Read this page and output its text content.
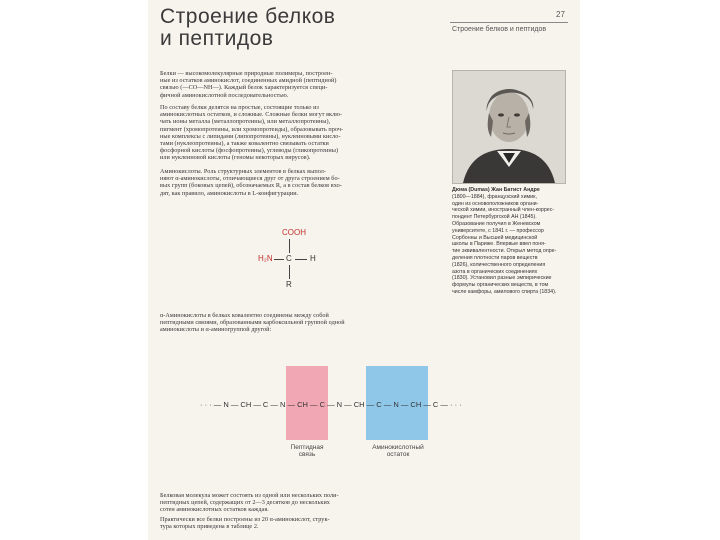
Строение белков
и пептидов
27
Строение белков и пептидов
Белки — высокомолекулярные природные полимеры, построен-
ные из остатков аминокислот, соединенных амидной (пептидной)
связью (—CO—NH—). Каждый белок характеризуется специ-
фичной аминокислотной последовательностью.
По составу белки делятся на простые, состоящие только из
аминокислотных остатков, и сложные. Сложные белки могут вклю-
чать ионы металла (металлопротеины), или металлопротеины),
пигмент (хромопротеины, или хромопротеиды), образовывать проч-
ные комплексы с липидами (липопротеины), нуклеиновыми кисло-
тами (нуклеопротеины), а также ковалентно связывать остатки
фосфорной кислоты (фосфопротеины), углеводы (гликопротеины)
или нуклеиновой кислоты (геномы некоторых вирусов).
Аминокислоты. Роль структурных элементов в белках выпол-
няют α-аминокислоты, отличающиеся друг от друга строением бо-
вых групп (боковых цепей), обозначаемых R, а в состав белков вхо-
дят, как правило, аминокислоты в L-конфигурации.
COOH
H₂N C H
R
α-Аминокислоты в белках ковалентно соединены между собой
пептидными связями, образованными карбоксильной группой одной
аминокислоты и α-аминогруппой другой:
· · · — N — CH — C — N — CH — C — N — CH — C — N — CH — C — · · ·
Пептидная
связь
Аминокислотный
остаток
Белковая молекула может состоять из одной или нескольких поли-
пептидных цепей, содержащих от 2—3 десятков до нескольких
сотен аминокислотных остатков каждая.
Практически все белки построены из 20 α-аминокислот, струк-
тура которых приведена в таблице 2.
Дюма (Dumas) Жан Батист Андре
(1800—1884), французский химик,
один из основоположников органи-
ческой химии, иностранный член-коррес-
пондент Петербургской АН (1845).
Образование получил в Женевском
университете, с 1841 г. — профессор
Сорбонны и Высшей медицинской
школы в Париже. Впервые ввел поня-
тие эквивалентности. Открыл метод опре-
деления плотности паров веществ
(1826), количественного определения
азота в органических соединениях
(1830). Установил разные эмпирические
формулы органических веществ, в том
числе камфоры, амилового спирта (1834).
